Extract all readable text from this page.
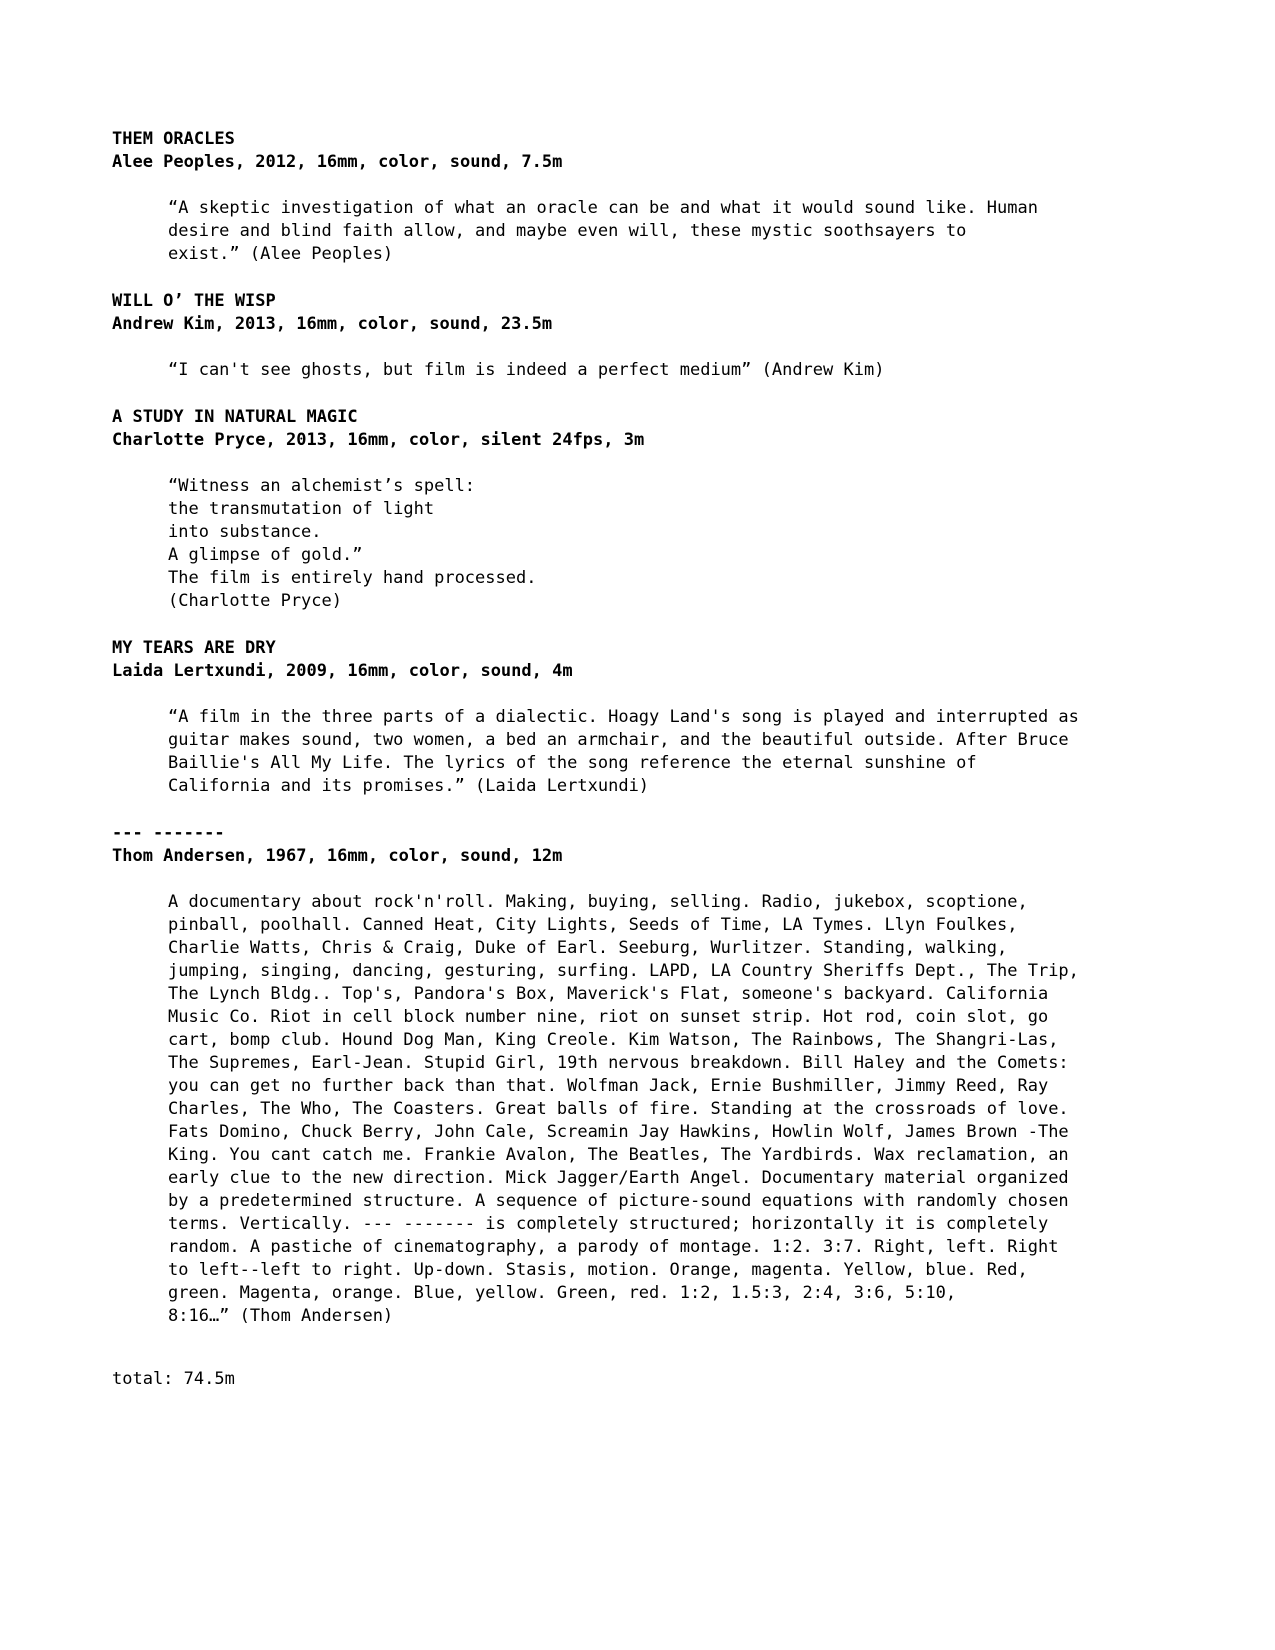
THEM ORACLES
Alee Peoples, 2012, 16mm, color, sound, 7.5m
“A skeptic investigation of what an oracle can be and what it would sound like. Human
desire and blind faith allow, and maybe even will, these mystic soothsayers to
exist.” (Alee Peoples)
WILL O’ THE WISP
Andrew Kim, 2013, 16mm, color, sound, 23.5m
“I can't see ghosts, but film is indeed a perfect medium” (Andrew Kim)
A STUDY IN NATURAL MAGIC
Charlotte Pryce, 2013, 16mm, color, silent 24fps, 3m
“Witness an alchemist’s spell:
the transmutation of light
into substance.
A glimpse of gold.”
The film is entirely hand processed.
(Charlotte Pryce)
MY TEARS ARE DRY
Laida Lertxundi, 2009, 16mm, color, sound, 4m
“A film in the three parts of a dialectic. Hoagy Land's song is played and interrupted as
guitar makes sound, two women, a bed an armchair, and the beautiful outside. After Bruce
Baillie's All My Life. The lyrics of the song reference the eternal sunshine of
California and its promises.” (Laida Lertxundi)
--- -------
Thom Andersen, 1967, 16mm, color, sound, 12m
A documentary about rock'n'roll. Making, buying, selling. Radio, jukebox, scoptione,
pinball, poolhall. Canned Heat, City Lights, Seeds of Time, LA Tymes. Llyn Foulkes,
Charlie Watts, Chris & Craig, Duke of Earl. Seeburg, Wurlitzer. Standing, walking,
jumping, singing, dancing, gesturing, surfing. LAPD, LA Country Sheriffs Dept., The Trip,
The Lynch Bldg.. Top's, Pandora's Box, Maverick's Flat, someone's backyard. California
Music Co. Riot in cell block number nine, riot on sunset strip. Hot rod, coin slot, go
cart, bomp club. Hound Dog Man, King Creole. Kim Watson, The Rainbows, The Shangri-Las,
The Supremes, Earl-Jean. Stupid Girl, 19th nervous breakdown. Bill Haley and the Comets:
you can get no further back than that. Wolfman Jack, Ernie Bushmiller, Jimmy Reed, Ray
Charles, The Who, The Coasters. Great balls of fire. Standing at the crossroads of love.
Fats Domino, Chuck Berry, John Cale, Screamin Jay Hawkins, Howlin Wolf, James Brown -The
King. You cant catch me. Frankie Avalon, The Beatles, The Yardbirds. Wax reclamation, an
early clue to the new direction. Mick Jagger/Earth Angel. Documentary material organized
by a predetermined structure. A sequence of picture-sound equations with randomly chosen
terms. Vertically. --- ------- is completely structured; horizontally it is completely
random. A pastiche of cinematography, a parody of montage. 1:2. 3:7. Right, left. Right
to left--left to right. Up-down. Stasis, motion. Orange, magenta. Yellow, blue. Red,
green. Magenta, orange. Blue, yellow. Green, red. 1:2, 1.5:3, 2:4, 3:6, 5:10,
8:16…” (Thom Andersen)
total: 74.5m
